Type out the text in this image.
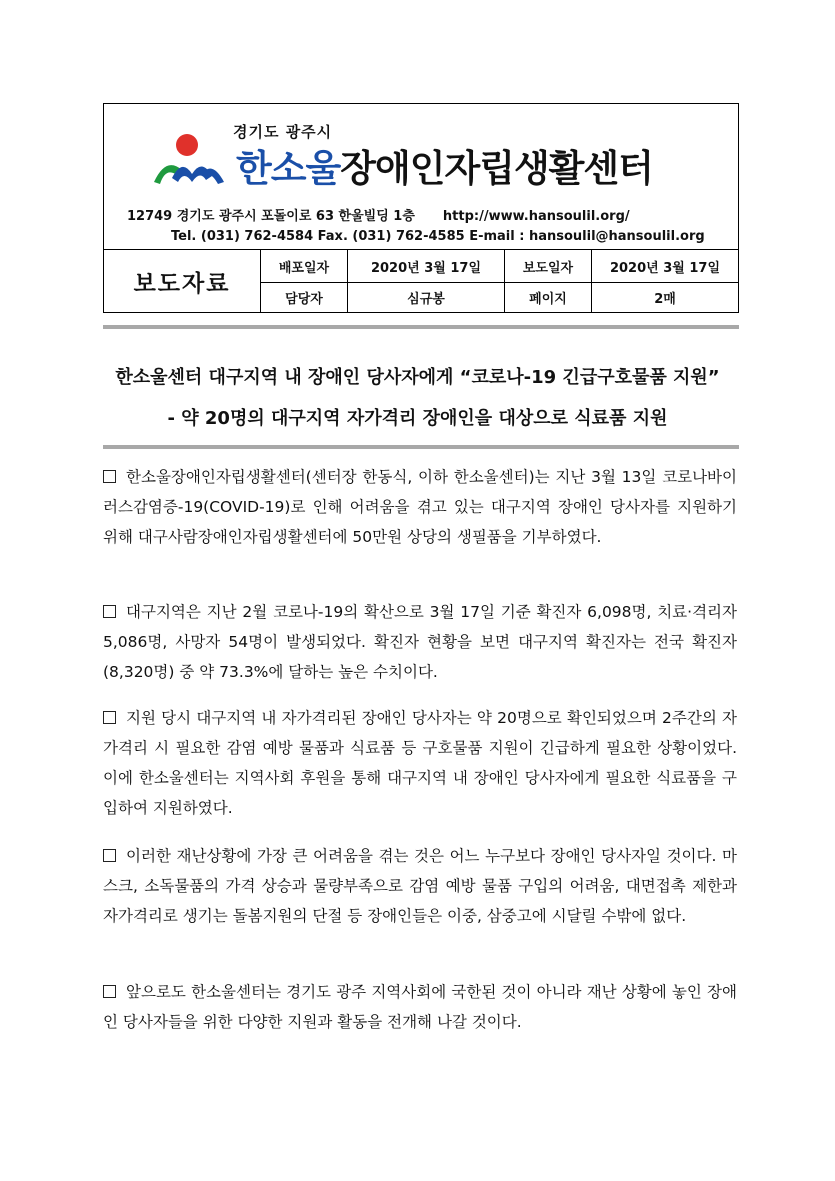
경기도 광주시
한소울장애인자립생활센터
12749 경기도 광주시 포돌이로 63 한울빌딩 1층 http://www.hansoulil.org/
Tel. (031) 762-4584 Fax. (031) 762-4585 E-mail : hansoulil@hansoulil.org
보도자료
배포일자	2020년 3월 17일	보도일자	2020년 3월 17일
담당자	심규봉	페이지	2매
한소울센터 대구지역 내 장애인 당사자에게 “코로나-19 긴급구호물품 지원”
- 약 20명의 대구지역 자가격리 장애인을 대상으로 식료품 지원
한소울장애인자립생활센터(센터장 한동식, 이하 한소울센터)는 지난 3월 13일 코로나바이러스감염증-19(COVID-19)로 인해 어려움을 겪고 있는 대구지역 장애인 당사자를 지원하기 위해 대구사람장애인자립생활센터에 50만원 상당의 생필품을 기부하였다.
대구지역은 지난 2월 코로나-19의 확산으로 3월 17일 기준 확진자 6,098명, 치료·격리자 5,086명, 사망자 54명이 발생되었다. 확진자 현황을 보면 대구지역 확진자는 전국 확진자(8,320명) 중 약 73.3%에 달하는 높은 수치이다.
지원 당시 대구지역 내 자가격리된 장애인 당사자는 약 20명으로 확인되었으며 2주간의 자가격리 시 필요한 감염 예방 물품과 식료품 등 구호물품 지원이 긴급하게 필요한 상황이었다. 이에 한소울센터는 지역사회 후원을 통해 대구지역 내 장애인 당사자에게 필요한 식료품을 구입하여 지원하였다.
이러한 재난상황에 가장 큰 어려움을 겪는 것은 어느 누구보다 장애인 당사자일 것이다. 마스크, 소독물품의 가격 상승과 물량부족으로 감염 예방 물품 구입의 어려움, 대면접촉 제한과 자가격리로 생기는 돌봄지원의 단절 등 장애인들은 이중, 삼중고에 시달릴 수밖에 없다.
앞으로도 한소울센터는 경기도 광주 지역사회에 국한된 것이 아니라 재난 상황에 놓인 장애인 당사자들을 위한 다양한 지원과 활동을 전개해 나갈 것이다.
